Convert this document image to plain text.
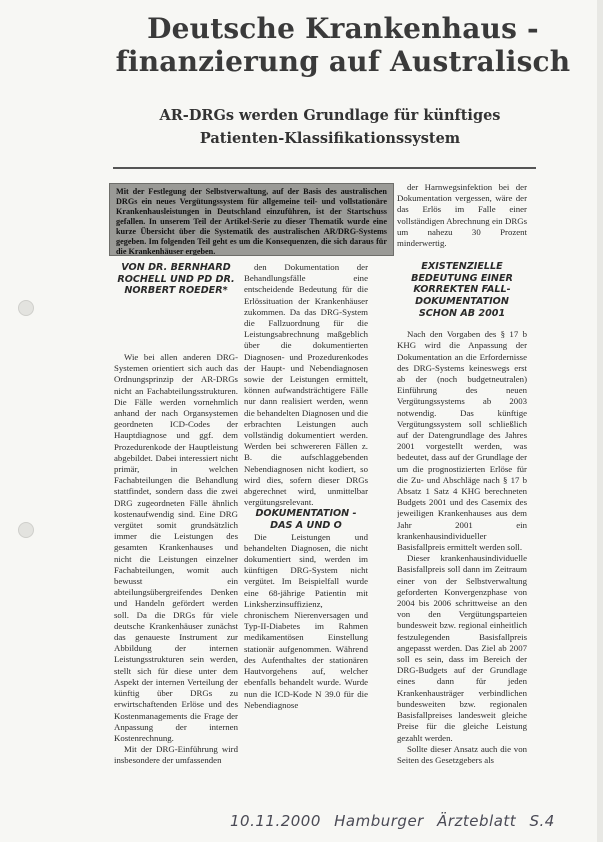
Deutsche Krankenhaus - finanzierung auf Australisch
AR-DRGs werden Grundlage für künftiges Patienten-Klassifikationssystem
Mit der Festlegung der Selbstverwaltung, auf der Basis des australischen DRGs ein neues Vergütungssystem für allgemeine teil- und vollstationäre Krankenhausleistungen in Deutschland einzuführen, ist der Startschuss gefallen. In unserem Teil der Artikel-Serie zu dieser Thematik wurde eine kurze Übersicht über die Systematik des australischen AR/DRG-Systems gegeben. Im folgenden Teil geht es um die Konsequenzen, die sich daraus für die Krankenhäuser ergeben.
VON DR. BERNHARD ROCHELL UND PD DR. NORBERT ROEDER*

Wie bei allen anderen DRG-Systemen orientiert sich auch das Ordnungsprinzip der AR-DRGs nicht an Fachabteilungsstrukturen. Die Fälle werden vornehmlich anhand der nach Organsystemen geordneten ICD-Codes der Hauptdiagnose und ggf. dem Prozedurenkode der Hauptleistung abgebildet. Dabei interessiert nicht primär, in welchen Fachabteilungen die Behandlung stattfindet, sondern dass die zwei DRG zugeordneten Fälle ähnlich kostenaufwendig sind. Eine DRG vergütet somit grundsätzlich immer die Leistungen des gesamten Krankenhauses und nicht die Leistungen einzelner Fachabteilungen, womit auch bewusst ein abteilungsübergreifendes Denken und Handeln gefördert werden soll. Da die DRGs für viele deutsche Krankenhäuser zunächst das genaueste Instrument zur Abbildung der internen Leistungsstrukturen sein werden, stellt sich für diese unter dem Aspekt der internen Verteilung der künftig über DRGs zu erwirtschaftenden Erlöse und des Kostenmanagements die Frage der Anpassung der internen Kostenrechnung.

Mit der DRG-Einführung wird insbesondere der umfassenden

den Dokumentation der Behandlungsfälle eine entscheidende Bedeutung für die Erlössituation der Krankenhäuser zukommen. Da das DRG-System die Fallzuordnung für die Leistungsabrechnung maßgeblich über die dokumentierten Diagnosen- und Prozedurenkodes der Haupt- und Nebendiagnosen sowie der Leistungen ermittelt, können aufwandsträchtigere Fälle nur dann realisiert werden, wenn die behandelten Diagnosen und die erbrachten Leistungen auch vollständig dokumentiert werden. Werden bei schwereren Fällen z. B. die aufschlaggebenden Nebendiagnosen nicht kodiert, so wird dies, sofern dieser DRGs abgerechnet wird, unmittelbar vergütungsrelevant.

DOKUMENTATION - DAS A UND O

Die Leistungen und behandelten Diagnosen, die nicht dokumentiert sind, werden im künftigen DRG-System nicht vergütet. Im Beispielfall wurde eine 68-jährige Patientin mit Linksherzinsuffizienz, chronischem Nierenversagen und Typ-II-Diabetes im Rahmen medikamentösen Einstellung stationär aufgenommen. Während des Aufenthaltes der stationären Hautvorgehens auf, welcher ebenfalls behandelt wurde. Wurde nun die ICD-Kode N 39.0 für die Nebendiagnose

der Harnwegsinfektion bei der Dokumentation vergessen, wäre der das Erlös im Falle einer vollständigen Abrechnung ein DRGs um nahezu 30 Prozent minderwertig.

EXISTENZIELLE BEDEUTUNG EINER KORREKTEN FALL-DOKUMENTATION SCHON AB 2001

Nach den Vorgaben des § 17 b KHG wird die Anpassung der Dokumentation an die Erfordernisse des DRG-Systems keineswegs erst ab der (noch budgetneutralen) Einführung des neuen Vergütungssystems ab 2003 notwendig. Das künftige Vergütungssystem soll schließlich auf der Datengrundlage des Jahres 2001 vorgestellt werden, was bedeutet, dass auf der Grundlage der um die prognostizierten Erlöse für die Zu- und Abschläge nach § 17 b Absatz 1 Satz 4 KHG berechneten Budgets 2001 und des Casemix des jeweiligen Krankenhauses aus dem Jahr 2001 ein krankenhausindividueller Basisfallpreis ermittelt werden soll.

Dieser krankenhausindividuelle Basisfallpreis soll dann im Zeitraum einer von der Selbstverwaltung geforderten Konvergenzphase von 2004 bis 2006 schrittweise an den von den Vergütungsparteien bundesweit bzw. regional einheitlich festzulegenden Basisfallpreis angepasst werden. Das Ziel ab 2007 soll es sein, dass im Bereich der DRG-Budgets auf der Grundlage eines dann für jeden Krankenhausträger verbindlichen bundesweiten bzw. regionalen Basisfallpreises landesweit gleiche Preise für die gleiche Leistung gezahlt werden.

Sollte dieser Ansatz auch die von Seiten des Gesetzgebers als

10.11.2000 Hamburger Ärzteblatt S.4
